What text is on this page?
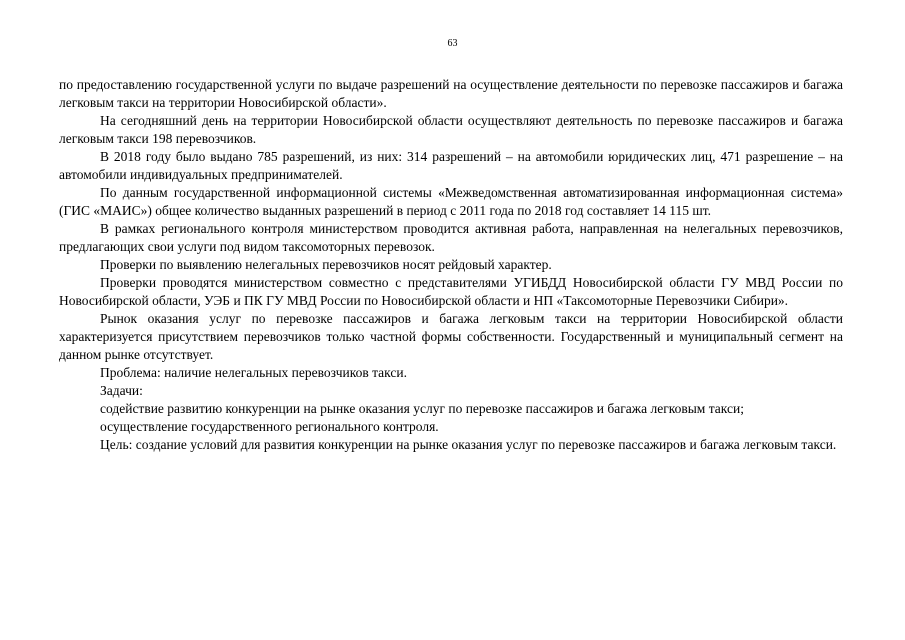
63

по предоставлению государственной услуги по выдаче разрешений на осуществление деятельности по перевозке пассажиров и багажа легковым такси на территории Новосибирской области».

На сегодняшний день на территории Новосибирской области осуществляют деятельность по перевозке пассажиров и багажа легковым такси 198 перевозчиков.

В 2018 году было выдано 785 разрешений, из них: 314 разрешений – на автомобили юридических лиц, 471 разрешение – на автомобили индивидуальных предпринимателей.

По данным государственной информационной системы «Межведомственная автоматизированная информационная система» (ГИС «МАИС») общее количество выданных разрешений в период с 2011 года по 2018 год составляет 14 115 шт.

В рамках регионального контроля министерством проводится активная работа, направленная на нелегальных перевозчиков, предлагающих свои услуги под видом таксомоторных перевозок.

Проверки по выявлению нелегальных перевозчиков носят рейдовый характер.

Проверки проводятся министерством совместно с представителями УГИБДД Новосибирской области ГУ МВД России по Новосибирской области, УЭБ и ПК ГУ МВД России по Новосибирской области и НП «Таксомоторные Перевозчики Сибири».

Рынок оказания услуг по перевозке пассажиров и багажа легковым такси на территории Новосибирской области характеризуется присутствием перевозчиков только частной формы собственности. Государственный и муниципальный сегмент на данном рынке отсутствует.

Проблема: наличие нелегальных перевозчиков такси.

Задачи:

содействие развитию конкуренции на рынке оказания услуг по перевозке пассажиров и багажа легковым такси;

осуществление государственного регионального контроля.

Цель: создание условий для развития конкуренции на рынке оказания услуг по перевозке пассажиров и багажа легковым такси.
